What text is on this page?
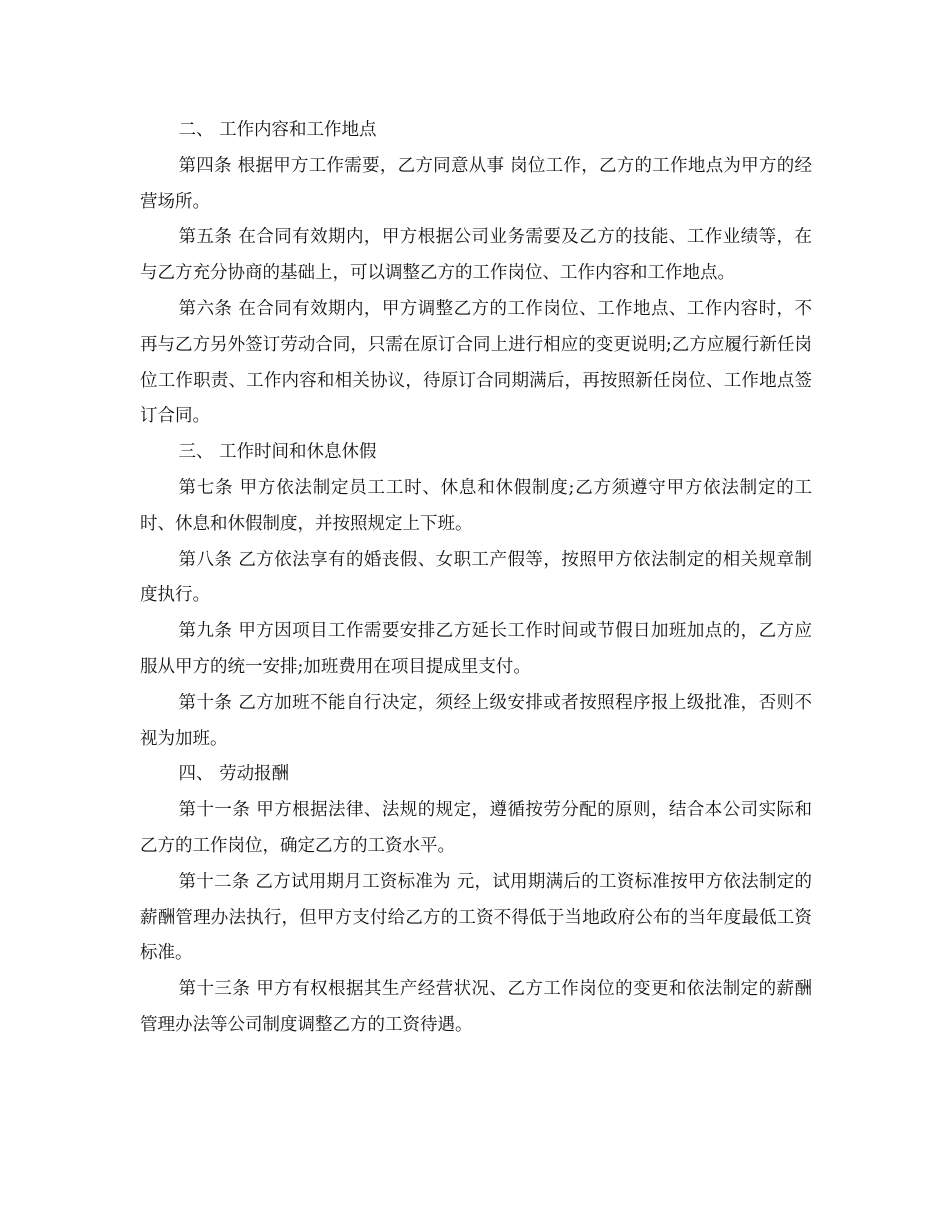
二、 工作内容和工作地点

第四条 根据甲方工作需要，乙方同意从事 岗位工作，乙方的工作地点为甲方的经营场所。

第五条 在合同有效期内，甲方根据公司业务需要及乙方的技能、工作业绩等，在与乙方充分协商的基础上，可以调整乙方的工作岗位、工作内容和工作地点。

第六条 在合同有效期内，甲方调整乙方的工作岗位、工作地点、工作内容时，不再与乙方另外签订劳动合同，只需在原订合同上进行相应的变更说明;乙方应履行新任岗位工作职责、工作内容和相关协议，待原订合同期满后，再按照新任岗位、工作地点签订合同。

三、 工作时间和休息休假

第七条 甲方依法制定员工工时、休息和休假制度;乙方须遵守甲方依法制定的工时、休息和休假制度，并按照规定上下班。

第八条 乙方依法享有的婚丧假、女职工产假等，按照甲方依法制定的相关规章制度执行。

第九条 甲方因项目工作需要安排乙方延长工作时间或节假日加班加点的，乙方应服从甲方的统一安排;加班费用在项目提成里支付。

第十条 乙方加班不能自行决定，须经上级安排或者按照程序报上级批准，否则不视为加班。

四、 劳动报酬

第十一条 甲方根据法律、法规的规定，遵循按劳分配的原则，结合本公司实际和乙方的工作岗位，确定乙方的工资水平。

第十二条 乙方试用期月工资标准为 元，试用期满后的工资标准按甲方依法制定的薪酬管理办法执行，但甲方支付给乙方的工资不得低于当地政府公布的当年度最低工资标准。

第十三条 甲方有权根据其生产经营状况、乙方工作岗位的变更和依法制定的薪酬管理办法等公司制度调整乙方的工资待遇。
